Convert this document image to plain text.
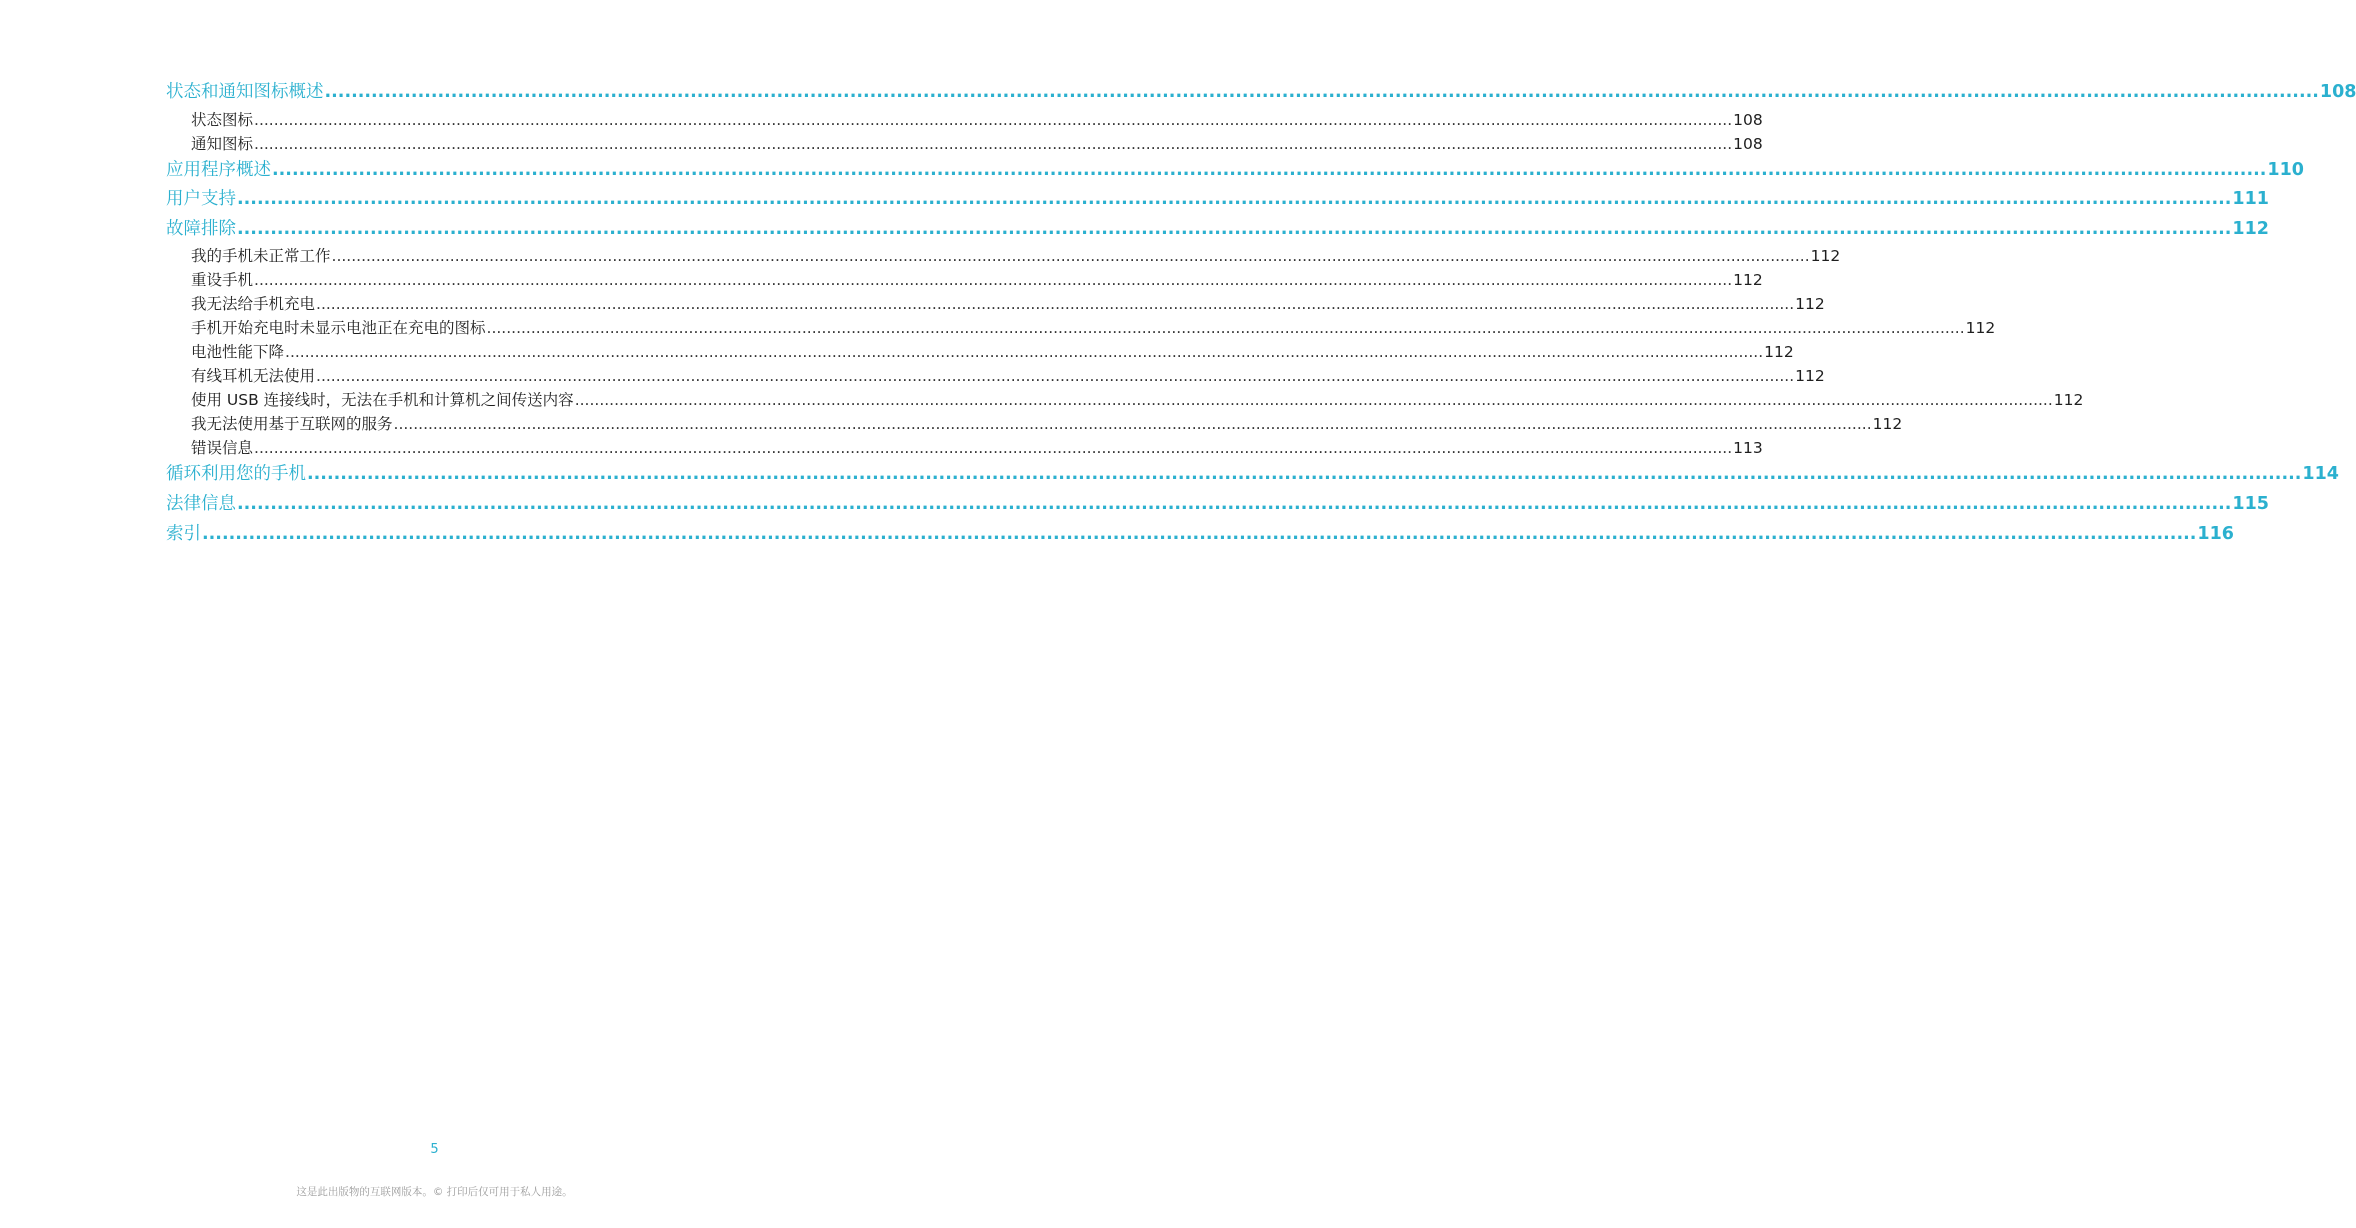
状态和通知图标概述 ............................................................................................................................................................................................................................................................................................................ 108
状态图标 ............................................................................................................................................................................................................................................................................................................ 108
通知图标 ............................................................................................................................................................................................................................................................................................................ 108
应用程序概述 ............................................................................................................................................................................................................................................................................................................ 110
用户支持 ............................................................................................................................................................................................................................................................................................................ 111
故障排除 ............................................................................................................................................................................................................................................................................................................ 112
我的手机未正常工作 ............................................................................................................................................................................................................................................................................................................ 112
重设手机 ............................................................................................................................................................................................................................................................................................................ 112
我无法给手机充电 ............................................................................................................................................................................................................................................................................................................ 112
手机开始充电时未显示电池正在充电的图标 ............................................................................................................................................................................................................................................................................................................ 112
电池性能下降 ............................................................................................................................................................................................................................................................................................................ 112
有线耳机无法使用 ............................................................................................................................................................................................................................................................................................................ 112
使用 USB 连接线时，无法在手机和计算机之间传送内容 ............................................................................................................................................................................................................................................................................................................ 112
我无法使用基于互联网的服务 ............................................................................................................................................................................................................................................................................................................ 112
错误信息 ............................................................................................................................................................................................................................................................................................................ 113
循环利用您的手机 ............................................................................................................................................................................................................................................................................................................ 114
法律信息 ............................................................................................................................................................................................................................................................................................................ 115
索引 ............................................................................................................................................................................................................................................................................................................ 116
5
这是此出版物的互联网版本。© 打印后仅可用于私人用途。
